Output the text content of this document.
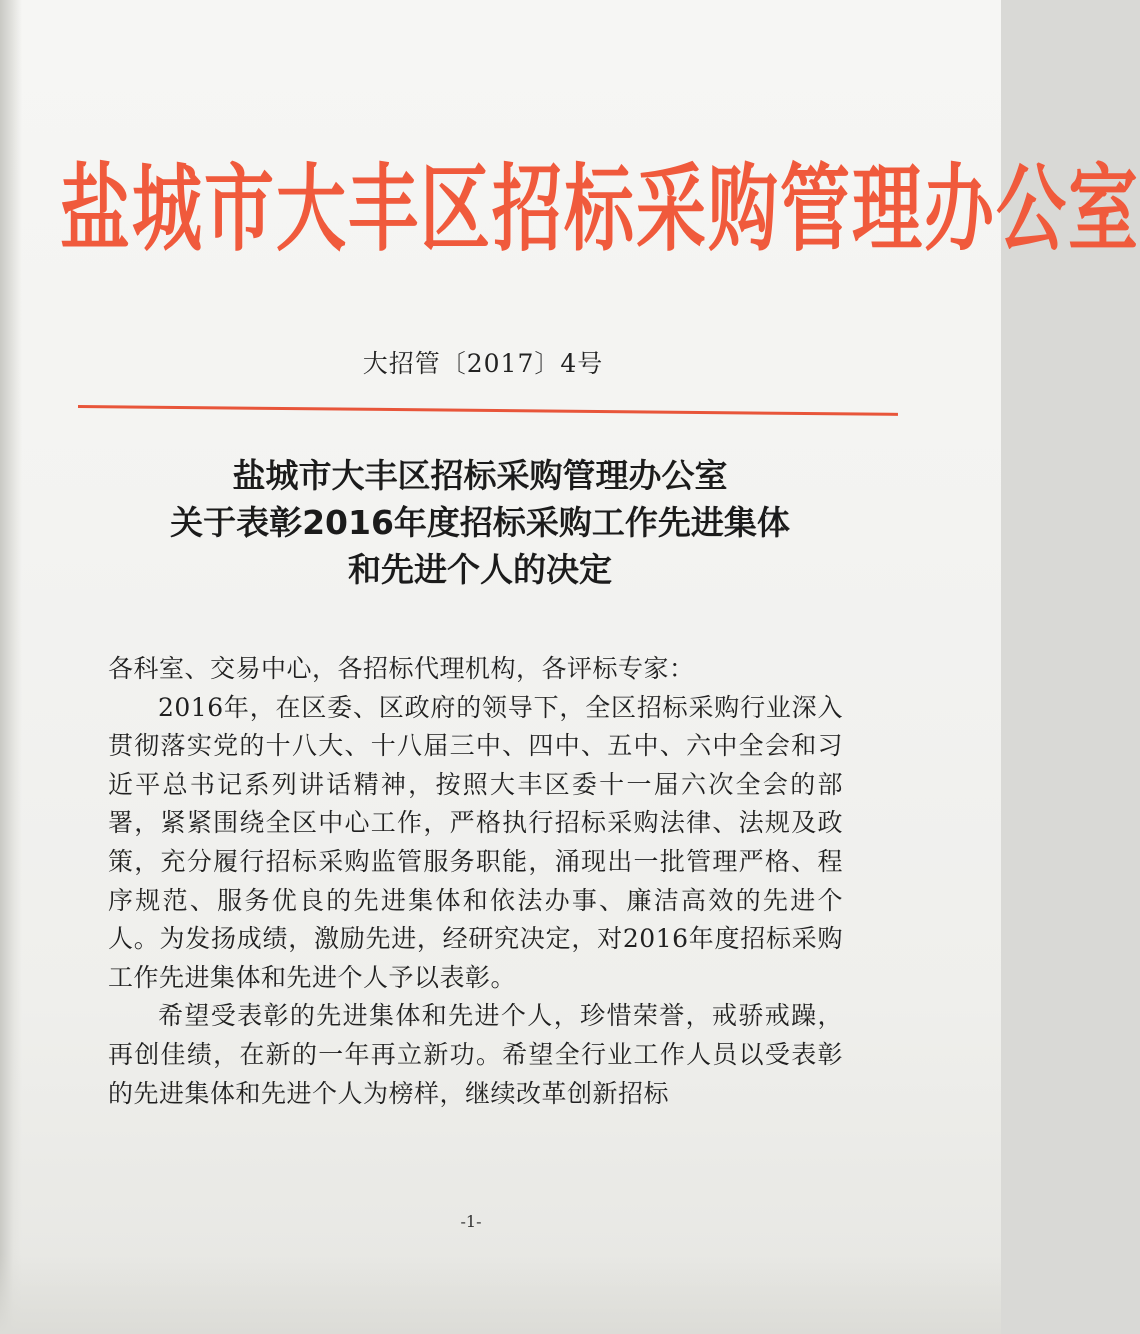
盐城市大丰区招标采购管理办公室
大招管〔2017〕4号
盐城市大丰区招标采购管理办公室
关于表彰2016年度招标采购工作先进集体
和先进个人的决定

各科室、交易中心，各招标代理机构，各评标专家：

2016年，在区委、区政府的领导下，全区招标采购行业深入贯彻落实党的十八大、十八届三中、四中、五中、六中全会和习近平总书记系列讲话精神，按照大丰区委十一届六次全会的部署，紧紧围绕全区中心工作，严格执行招标采购法律、法规及政策，充分履行招标采购监管服务职能，涌现出一批管理严格、程序规范、服务优良的先进集体和依法办事、廉洁高效的先进个人。为发扬成绩，激励先进，经研究决定，对2016年度招标采购工作先进集体和先进个人予以表彰。

希望受表彰的先进集体和先进个人，珍惜荣誉，戒骄戒躁，再创佳绩，在新的一年再立新功。希望全行业工作人员以受表彰的先进集体和先进个人为榜样，继续改革创新招标

-1-
